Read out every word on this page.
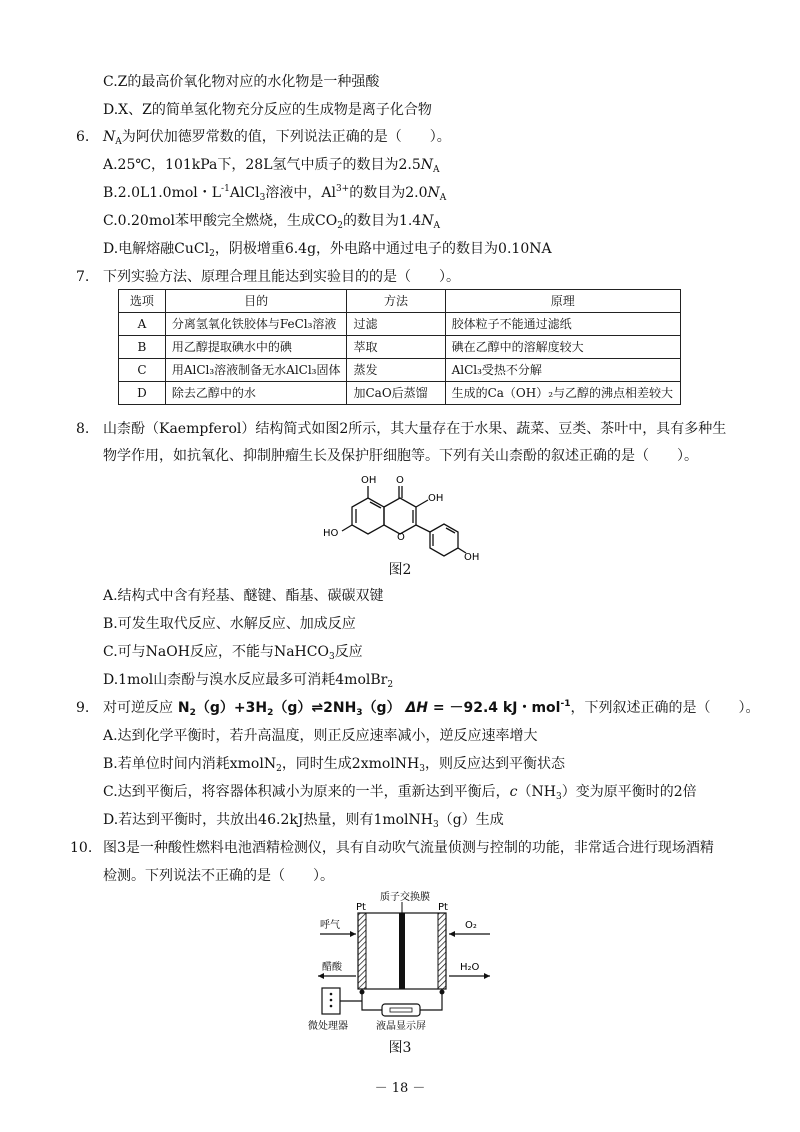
C.Z的最高价氧化物对应的水化物是一种强酸
D.X、Z的简单氢化物充分反应的生成物是离子化合物
6. $N_A$为阿伏加德罗常数的值，下列说法正确的是（　　）。
A.25℃，101kPa下，28L氢气中质子的数目为$2.5N_A$
B.2.0L1.0mol・$L^{-1}AlCl_3$溶液中，$Al^{3+}$的数目为$2.0N_A$
C.0.20mol苯甲酸完全燃烧，生成$CO_2$的数目为$1.4N_A$
D.电解熔融CuCl$_2$，阴极增重6.4g，外电路中通过电子的数目为0.10NA
7. 下列实验方法、原理合理且能达到实验目的的是（　　）。
选项	目的	方法	原理
A	分离氢氧化铁胶体与FeCl₃溶液	过滤	胶体粒子不能通过滤纸
B	用乙醇提取碘水中的碘	萃取	碘在乙醇中的溶解度较大
C	用AlCl₃溶液制备无水AlCl₃固体	蒸发	AlCl₃受热不分解
D	除去乙醇中的水	加CaO后蒸馏	生成的Ca（OH）₂与乙醇的沸点相差较大
8. 山柰酚（Kaempferol）结构简式如图2所示，其大量存在于水果、蔬菜、豆类、茶叶中，具有多种生
物学作用，如抗氧化、抑制肿瘤生长及保护肝细胞等。下列有关山柰酚的叙述正确的是（　　）。
OH O
OH
HO	O
OH
图2
A.结构式中含有羟基、醚键、酯基、碳碳双键
B.可发生取代反应、水解反应、加成反应
C.可与NaOH反应，不能与NaHCO$_3$反应
D.1mol山柰酚与溴水反应最多可消耗4molBr$_2$
9. 对可逆反应 $N_2(g)+3H_2(g)\rightleftharpoons 2NH_3(g) \Delta H = -92.4$ kJ・mol$^{-1}$，下列叙述正确的是（　　）。
A.达到化学平衡时，若升高温度，则正反应速率减小，逆反应速率增大
B.若单位时间内消耗xmolN$_2$，同时生成2xmolNH$_3$，则反应达到平衡状态
C.达到平衡后，将容器体积减小为原来的一半，重新达到平衡后，$c(NH_3)$变为原平衡时的2倍
D.若达到平衡时，共放出46.2kJ热量，则有1molNH$_3$（g）生成
10. 图3是一种酸性燃料电池酒精检测仪，具有自动吹气流量侦测与控制的功能，非常适合进行现场酒精
检测。下列说法不正确的是（　　）。
质子交换膜
Pt	Pt
呼气	O₂
醋酸	H₂O
微处理器	液晶显示屏
图3
－ 18 －
